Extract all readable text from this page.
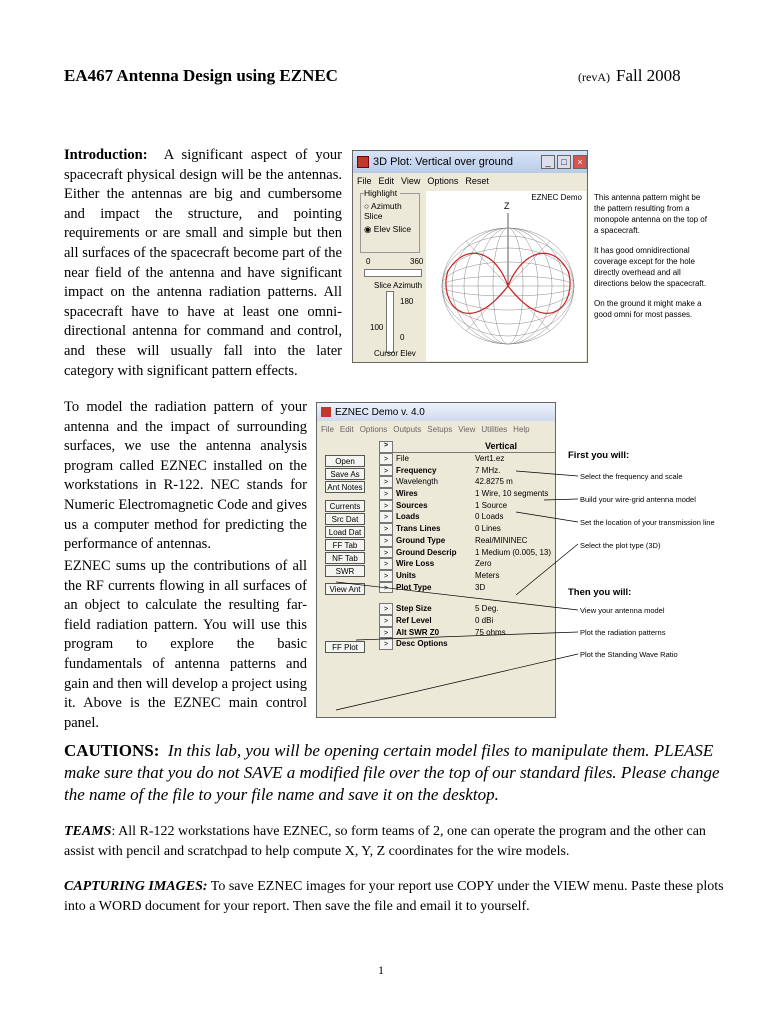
EA467 Antenna Design using EZNEC	(revA) Fall 2008
Introduction: A significant aspect of your spacecraft physical design will be the antennas. Either the antennas are big and cumbersome and impact the structure, and pointing requirements or are small and simple but then all surfaces of the spacecraft become part of the near field of the antenna and have significant impact on the antenna radiation patterns. All spacecraft have to have at least one omni-directional antenna for command and control, and these will usually fall into the later category with significant pattern effects.
3D Plot: Vertical over ground	_	□	×
File Edit View Options Reset
Highlight
○ Azimuth Slice
◉ Elev Slice
0	360
Slice Azimuth
180
100
0
Cursor Elev
EZNEC Demo
Z
This antenna pattern might be the pattern resulting from a monopole antenna on the top of a spacecraft.
It has good omnidirectional coverage except for the hole directly overhead and all directions below the spacecraft.
On the ground it might make a good omni for most passes.
To model the radiation pattern of your antenna and the impact of surrounding surfaces, we use the antenna analysis program called EZNEC installed on the workstations in R-122. NEC stands for Numeric Electromagnetic Code and gives us a computer method for predicting the performance of antennas.
EZNEC sums up the contributions of all the RF currents flowing in all surfaces of an object to calculate the resulting far-field radiation pattern. You will use this program to explore the basic fundamentals of antenna patterns and gain and then will develop a project using it. Above is the EZNEC main control panel.
EZNEC Demo v. 4.0
File Edit Options Outputs Setups View Utilities Help
Open
Save As
Ant Notes
Currents
Src Dat
Load Dat
FF Tab
NF Tab
SWR
View Ant
FF Plot
>	Vertical
> File	Vert1.ez
> Frequency	7 MHz.
> Wavelength	42.8275 m
> Wires	1 Wire, 10 segments
> Sources	1 Source
> Loads	0 Loads
> Trans Lines	0 Lines
> Ground Type	Real/MININEC
> Ground Descrip	1 Medium (0.005, 13)
> Wire Loss	Zero
> Units	Meters
> Plot Type	3D
> Step Size	5 Deg.
> Ref Level	0 dBi
> Alt SWR Z0	75 ohms
> Desc Options
First you will:
Select the frequency and scale
Build your wire-grid antenna model
Set the location of your transmission line
Select the plot type (3D)
Then you will:
View your antenna model
Plot the radiation patterns
Plot the Standing Wave Ratio
CAUTIONS: In this lab, you will be opening certain model files to manipulate them. PLEASE make sure that you do not SAVE a modified file over the top of our standard files. Please change the name of the file to your file name and save it on the desktop.
TEAMS: All R-122 workstations have EZNEC, so form teams of 2, one can operate the program and the other can assist with pencil and scratchpad to help compute X, Y, Z coordinates for the wire models.
CAPTURING IMAGES: To save EZNEC images for your report use COPY under the VIEW menu. Paste these plots into a WORD document for your report. Then save the file and email it to yourself.
1
